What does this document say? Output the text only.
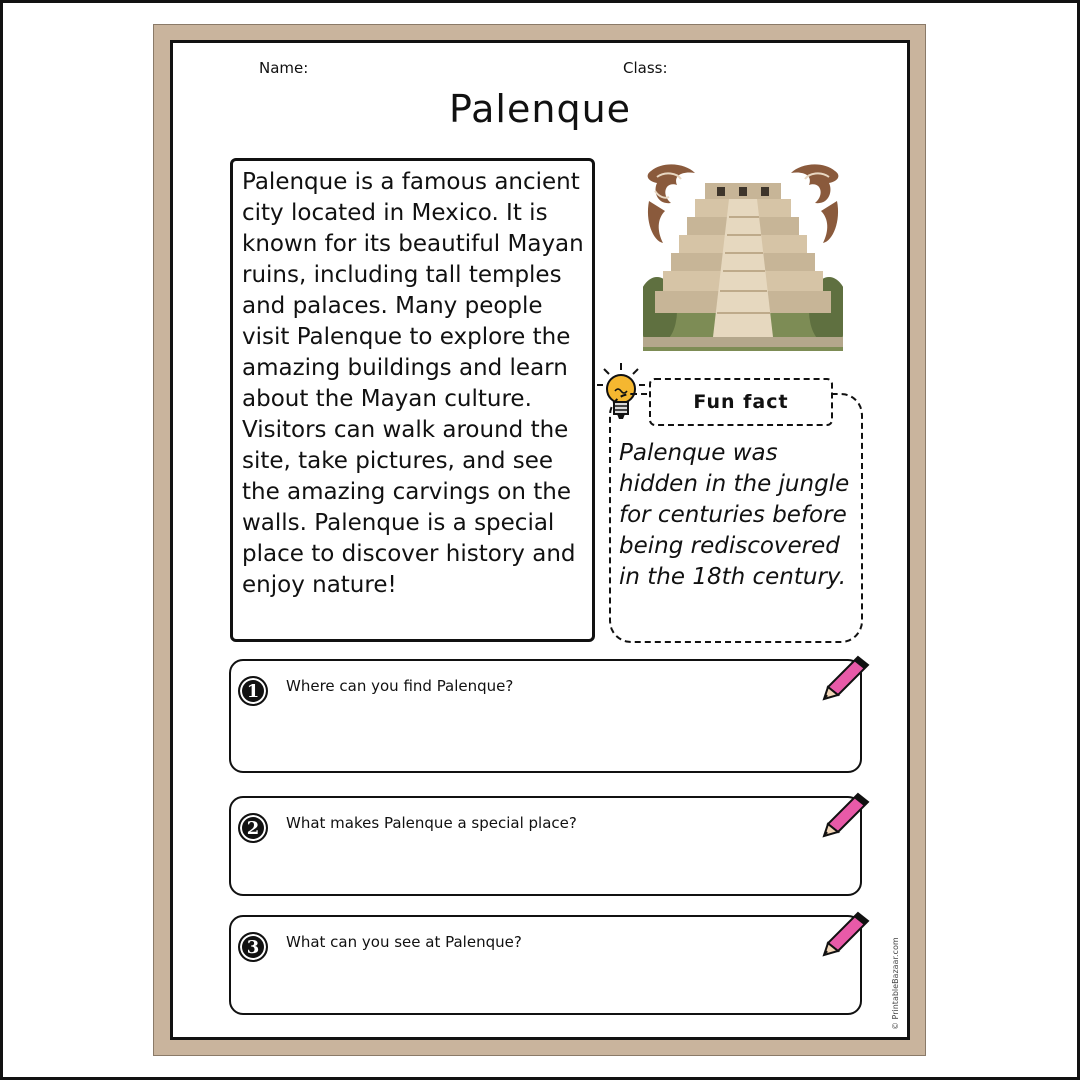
Name:	Class:
Palenque
Palenque is a famous ancient city located in Mexico. It is known for its beautiful Mayan ruins, including tall temples and palaces. Many people visit Palenque to explore the amazing buildings and learn about the Mayan culture. Visitors can walk around the site, take pictures, and see the amazing carvings on the walls. Palenque is a special place to discover history and enjoy nature!
Fun fact
Palenque was hidden in the jungle for centuries before being rediscovered in the 18th century.
1	Where can you find Palenque?
2	What makes Palenque a special place?
3	What can you see at Palenque?	© PrintableBazaar.com
